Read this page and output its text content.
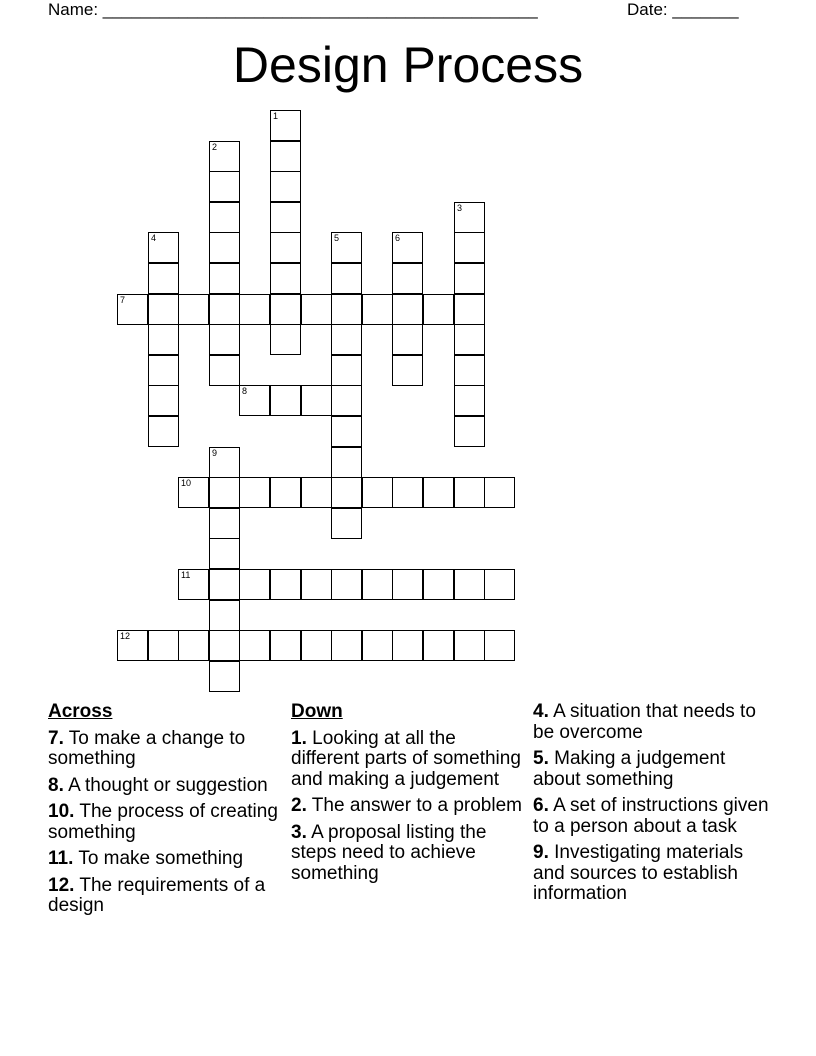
Name: ______________________________________________	Date: _______
Design Process
1
2
3
4	5	6
7
8
9
10
11
12
Across
7. To make a change to something
8. A thought or suggestion
10. The process of creating something
11. To make something
12. The requirements of a design
Down
1. Looking at all the different parts of something and making a judgement
2. The answer to a problem
3. A proposal listing the steps need to achieve something
4. A situation that needs to be overcome
5. Making a judgement about something
6. A set of instructions given to a person about a task
9. Investigating materials and sources to establish information
